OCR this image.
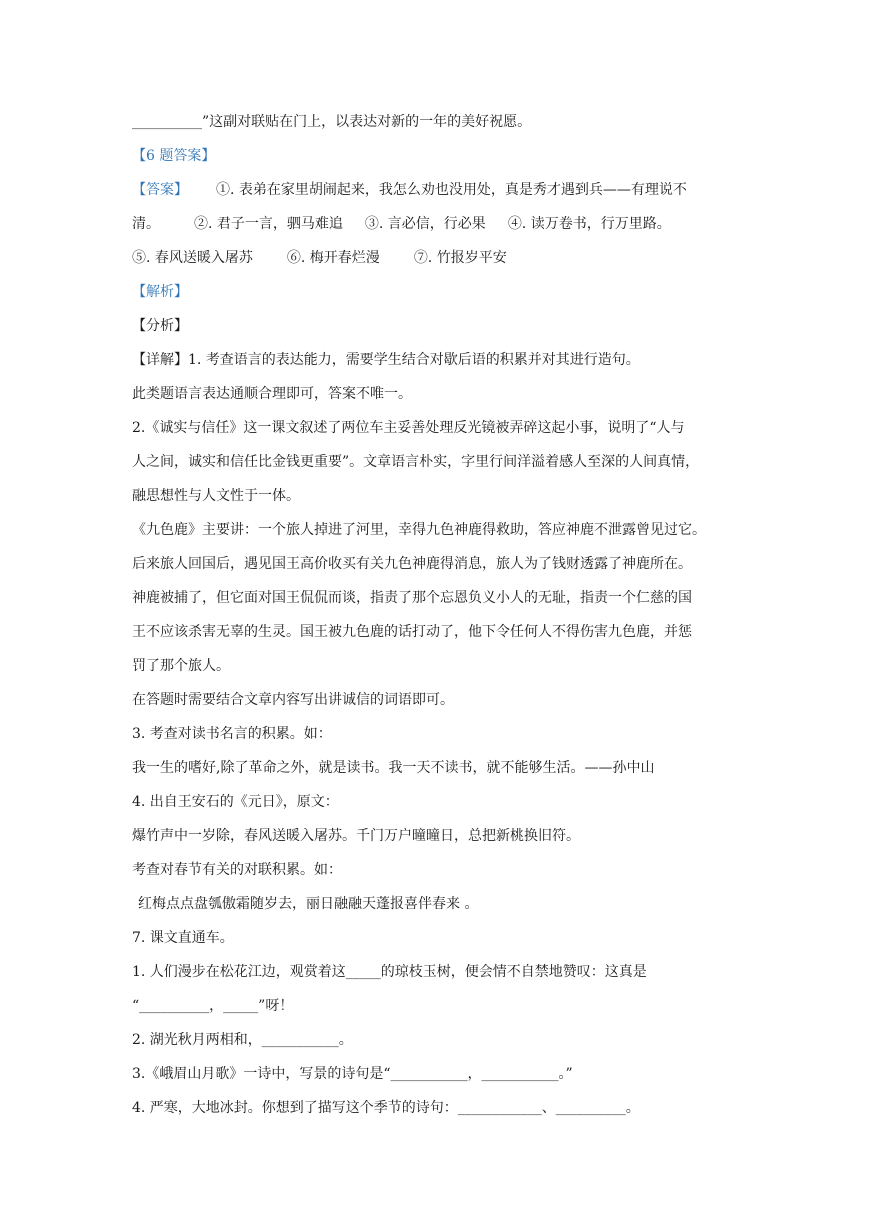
__________”这副对联贴在门上，以表达对新的一年的美好祝愿。
【6 题答案】
【答案】 ①. 表弟在家里胡闹起来，我怎么劝也没用处，真是秀才遇到兵——有理说不
清。 ②. 君子一言，驷马难追 ③. 言必信，行必果 ④. 读万卷书，行万里路。
⑤. 春风送暖入屠苏 ⑥. 梅开春烂漫 ⑦. 竹报岁平安
【解析】
【分析】
【详解】1. 考查语言的表达能力，需要学生结合对歇后语的积累并对其进行造句。
此类题语言表达通顺合理即可，答案不唯一。
2.《诚实与信任》这一课文叙述了两位车主妥善处理反光镜被弄碎这起小事，说明了“人与
人之间，诚实和信任比金钱更重要”。文章语言朴实，字里行间洋溢着感人至深的人间真情，
融思想性与人文性于一体。
《九色鹿》主要讲：一个旅人掉进了河里，幸得九色神鹿得救助，答应神鹿不泄露曾见过它。
后来旅人回国后，遇见国王高价收买有关九色神鹿得消息，旅人为了钱财透露了神鹿所在。
神鹿被捕了，但它面对国王侃侃而谈，指责了那个忘恩负义小人的无耻，指责一个仁慈的国
王不应该杀害无辜的生灵。国王被九色鹿的话打动了，他下令任何人不得伤害九色鹿，并惩
罚了那个旅人。
在答题时需要结合文章内容写出讲诚信的词语即可。
3. 考查对读书名言的积累。如：
我一生的嗜好,除了革命之外，就是读书。我一天不读书，就不能够生活。——孙中山
4. 出自王安石的《元日》，原文：
爆竹声中一岁除，春风送暖入屠苏。千门万户曈曈日，总把新桃换旧符。
考查对春节有关的对联积累。如：
红梅点点盘瓠傲霜随岁去，丽日融融天蓬报喜伴春来 。
7. 课文直通车。
1. 人们漫步在松花江边，观赏着这_____的琼枝玉树，便会情不自禁地赞叹：这真是
“__________，_____”呀！
2. 湖光秋月两相和，___________。
3.《峨眉山月歌》一诗中，写景的诗句是“___________，___________。”
4. 严寒，大地冰封。你想到了描写这个季节的诗句：____________、__________。
